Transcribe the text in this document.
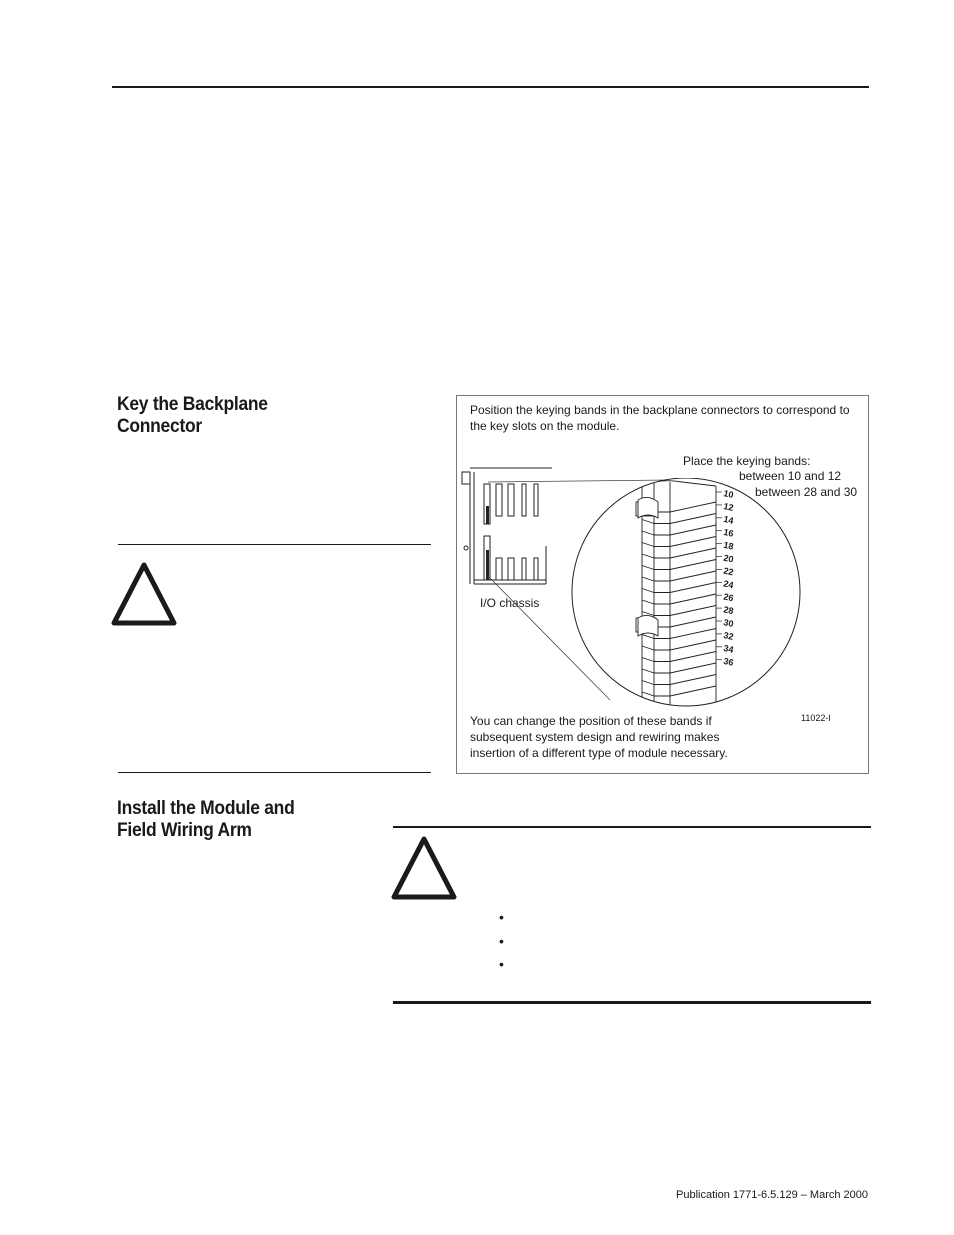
Key the Backplane
Connector
Position the keying bands in the backplane connectors to correspond to
the key slots on the module.
Place the keying bands:
between 10 and 12
between 28 and 30
I/O chassis
11022-I
You can change the position of these bands if
subsequent system design and rewiring makes
insertion of a different type of module necessary.
10
12
14
16
18
20
22
24
26
28
30
32
34
36
Install the Module and
Field Wiring Arm
•
•
•
Publication 1771-6.5.129 – March 2000
